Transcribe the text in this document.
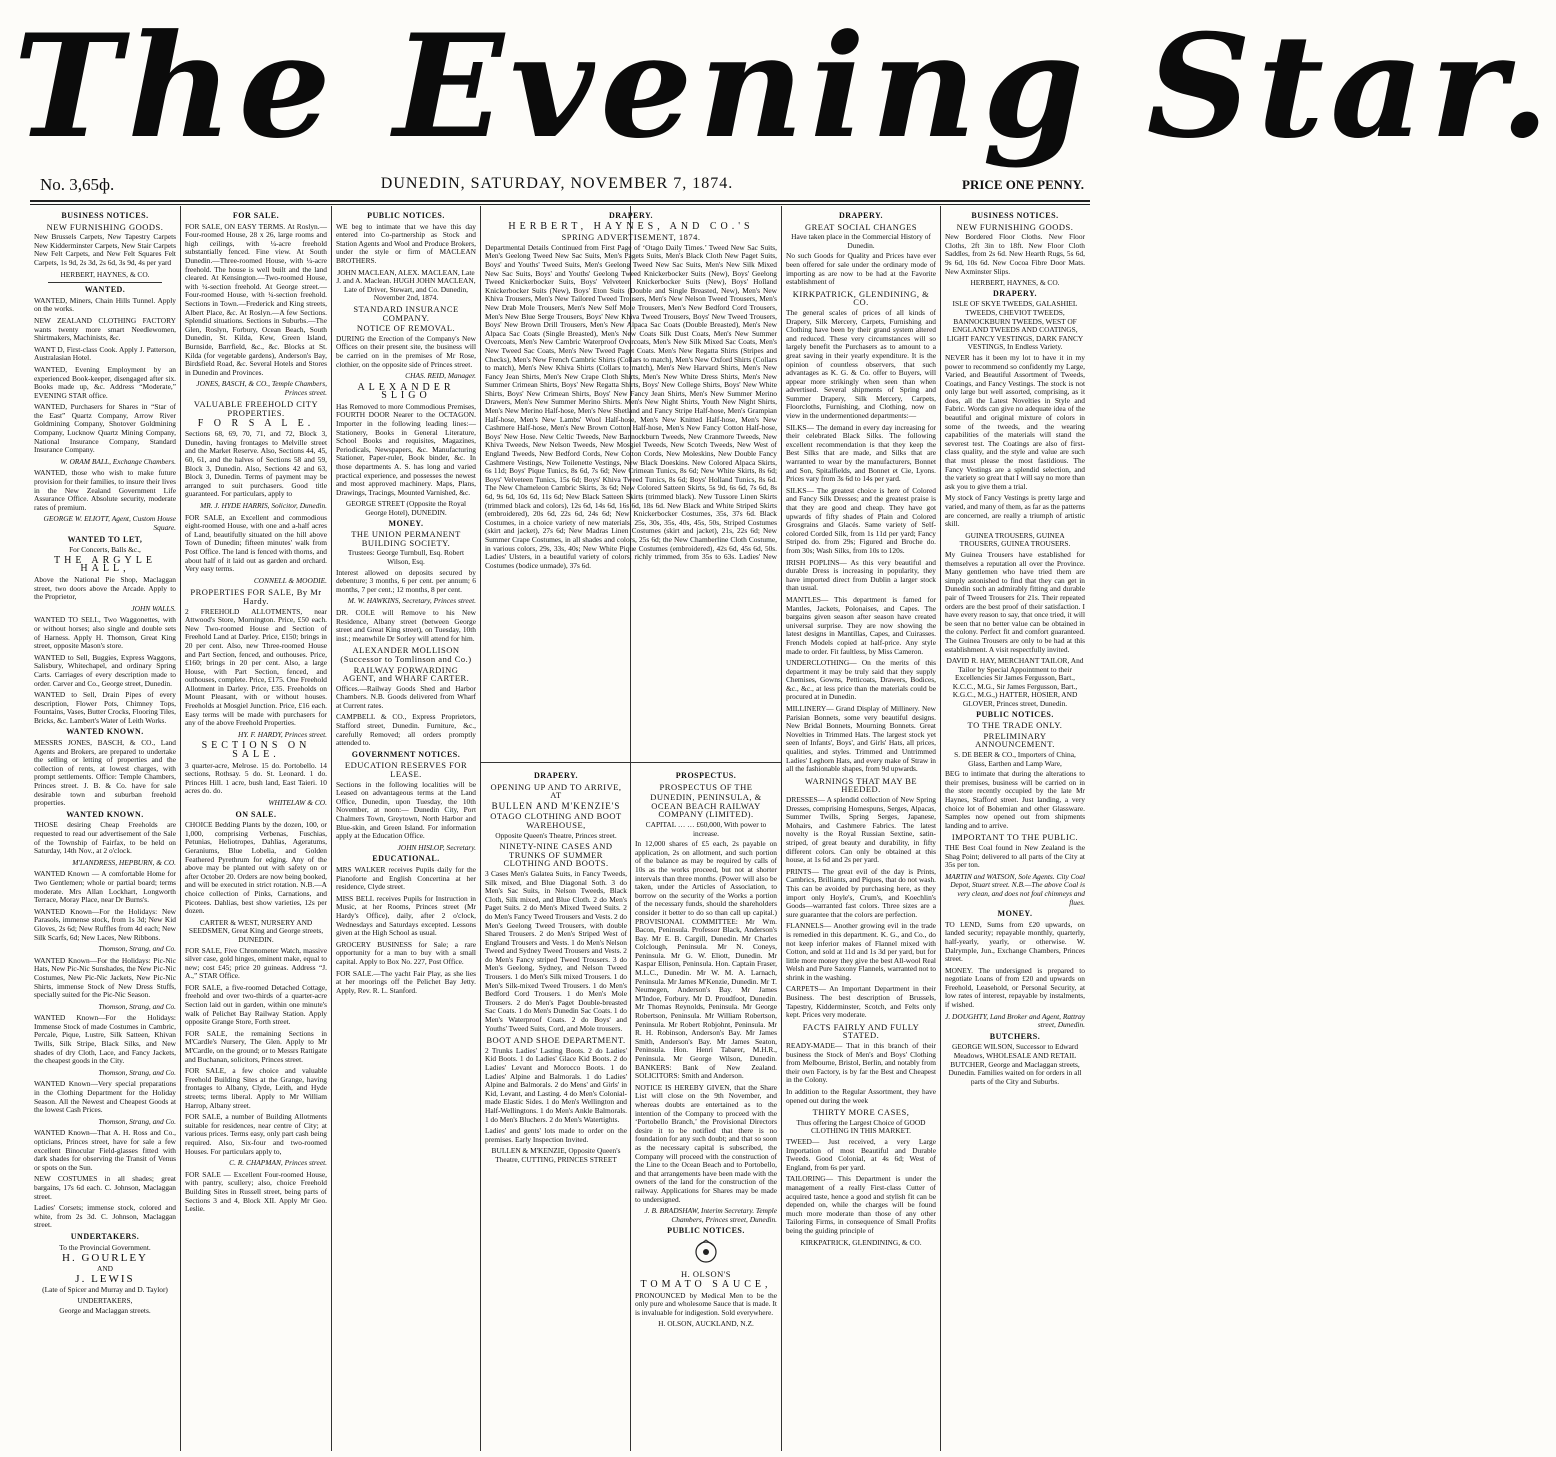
The Evening Star.
No. 3,65ф.	DUNEDIN, SATURDAY, NOVEMBER 7, 1874.	PRICE ONE PENNY.
BUSINESS NOTICES.
NEW FURNISHING GOODS.

New Brussels Carpets, New Tapestry Carpets New Kidderminster Carpets, New Stair Carpets New Felt Carpets, and New Felt Squares Felt Carpets, 1s 9d, 2s 3d, 2s 6d, 3s 9d, 4s per yard

HERBERT, HAYNES, & CO.

WANTED.

WANTED, Miners, Chain Hills Tunnel. Apply on the works.

NEW ZEALAND CLOTHING FACTORY wants twenty more smart Needlewomen, Shirtmakers, Machinists, &c.

WANT D, First-class Cook. Apply J. Patterson, Australasian Hotel.

WANTED, Evening Employment by an experienced Book-keeper, disengaged after six. Books made up, &c. Address “Moderate,” EVENING STAR office.

WANTED, Purchasers for Shares in “Star of the East” Quartz Company, Arrow River Goldmining Company, Shotover Goldmining Company, Lucknow Quartz Mining Company, National Insurance Company, Standard Insurance Company.

W. ORAM BALL, Exchange Chambers.

WANTED, those who wish to make future provision for their families, to insure their lives in the New Zealand Government Life Assurance Office. Absolute security, moderate rates of premium.

GEORGE W. ELIOTT, Agent, Custom House Square.

WANTED TO LET,

For Concerts, Balls &c.,

THE ARGYLE HALL,

Above the National Pie Shop, Maclaggan street, two doors above the Arcade. Apply to the Proprietor,

JOHN WALLS.

WANTED TO SELL, Two Waggonettes, with or without horses; also single and double sets of Harness. Apply H. Thomson, Great King street, opposite Mason's store.

WANTED to Sell, Buggies, Express Waggons, Salisbury, Whitechapel, and ordinary Spring Carts. Carriages of every description made to order. Carver and Co., George street, Dunedin.

WANTED to Sell, Drain Pipes of every description, Flower Pots, Chimney Tops, Fountains, Vases, Butter Crocks, Flooring Tiles, Bricks, &c. Lambert's Water of Leith Works.

WANTED KNOWN.

MESSRS JONES, BASCH, & CO., Land Agents and Brokers, are prepared to undertake the selling or letting of properties and the collection of rents, at lowest charges, with prompt settlements. Office: Temple Chambers, Princes street. J. B. & Co. have for sale desirable town and suburban freehold properties.

WANTED KNOWN.

THOSE desiring Cheap Freeholds are requested to read our advertisement of the Sale of the Township of Fairfax, to be held on Saturday, 14th Nov., at 2 o'clock.

M'LANDRESS, HEPBURN, & CO.

WANTED Known — A comfortable Home for Two Gentlemen; whole or partial board; terms moderate. Mrs Allan Lockhart, Longworth Terrace, Moray Place, near Dr Burns's.

WANTED Known—For the Holidays: New Parasols, immense stock, from 1s 3d; New Kid Gloves, 2s 6d; New Ruffles from 4d each; New Silk Scarfs, 6d; New Laces, New Ribbons.

Thomson, Strang, and Co.

WANTED Known—For the Holidays: Pic-Nic Hats, New Pic-Nic Sunshades, the New Pic-Nic Costumes, New Pic-Nic Jackets, New Pic-Nic Shirts, immense Stock of New Dress Stuffs, specially suited for the Pic-Nic Season.

Thomson, Strang, and Co.

WANTED Known—For the Holidays: Immense Stock of made Costumes in Cambric, Percale, Pique, Lustre, Silk Satteen, Khivan Twills, Silk Stripe, Black Silks, and New shades of dry Cloth, Lace, and Fancy Jackets, the cheapest goods in the City.

Thomson, Strang, and Co.

WANTED Known—Very special preparations in the Clothing Department for the Holiday Season. All the Newest and Cheapest Goods at the lowest Cash Prices.

Thomson, Strang, and Co.

WANTED Known—That A. H. Ross and Co., opticians, Princes street, have for sale a few excellent Binocular Field-glasses fitted with dark shades for observing the Transit of Venus or spots on the Sun.

NEW COSTUMES in all shades; great bargains, 17s 6d each. C. Johnson, Maclaggan street.

Ladies' Corsets; immense stock, colored and white, from 2s 3d. C. Johnson, Maclaggan street.

UNDERTAKERS.

To the Provincial Government.

H. GOURLEY

AND

J. LEWIS

(Late of Spicer and Murray and D. Taylor)

UNDERTAKERS,

George and Maclaggan streets.

FOR SALE.

FOR SALE, ON EASY TERMS. At Roslyn.—Four-roomed House, 28 x 26, large rooms and high ceilings, with ¼-acre freehold substantially fenced. Fine view. At South Dunedin.—Three-roomed House, with ¼-acre freehold. The house is well built and the land cleared. At Kensington.—Two-roomed House, with ¼-section freehold. At George street.—Four-roomed House, with ¼-section freehold. Sections in Town.—Frederick and King streets, Albert Place, &c. At Roslyn.—A few Sections. Splendid situations. Sections in Suburbs.—The Glen, Roslyn, Forbury, Ocean Beach, South Dunedin, St. Kilda, Kew, Green Island, Burnside, Barrfield, &c., &c. Blocks at St. Kilda (for vegetable gardens), Anderson's Bay, Birdsfield Road, &c. Several Hotels and Stores in Dunedin and Provinces.

JONES, BASCH, & CO., Temple Chambers, Princes street.

VALUABLE FREEHOLD CITY PROPERTIES.
F O R S A L E.

Sections 68, 69, 70, 71, and 72, Block 3, Dunedin, having frontages to Melville street and the Market Reserve. Also, Sections 44, 45, 60, 61, and the halves of Sections 58 and 59, Block 3, Dunedin. Also, Sections 42 and 63, Block 3, Dunedin. Terms of payment may be arranged to suit purchasers. Good title guaranteed. For particulars, apply to

MR. J. HYDE HARRIS, Solicitor, Dunedin.

FOR SALE, an Excellent and commodious eight-roomed House, with one and a-half acres of Land, beautifully situated on the hill above Town of Dunedin; fifteen minutes' walk from Post Office. The land is fenced with thorns, and about half of it laid out as garden and orchard. Very easy terms.

CONNELL & MOODIE.

PROPERTIES FOR SALE, By Mr Hardy.

2 FREEHOLD ALLOTMENTS, near Attwood's Store, Mornington. Price, £50 each. New Two-roomed House and Section of Freehold Land at Darley. Price, £150; brings in 20 per cent. Also, new Three-roomed House and Part Section, fenced, and outhouses. Price, £160; brings in 20 per cent. Also, a large House, with Part Section, fenced, and outhouses, complete. Price, £175. One Freehold Allotment in Darley. Price, £35. Freeholds on Mount Pleasant, with or without houses. Freeholds at Mosgiel Junction. Price, £16 each. Easy terms will be made with purchasers for any of the above Freehold Properties.

HY. F. HARDY, Princes street.

SECTIONS ON SALE.

3 quarter-acre, Melrose. 15 do. Portobello. 14 sections, Rothsay. 5 do. St. Leonard. 1 do. Princes Hill. 1 acre, bush land, East Taieri. 10 acres do. do.

WHITELAW & CO.

ON SALE.

CHOICE Bedding Plants by the dozen, 100, or 1,000, comprising Verbenas, Fuschias, Petunias, Heliotropes, Dahlias, Ageratums, Geraniums, Blue Lobelia, and Golden Feathered Pyrethrum for edging. Any of the above may be planted out with safety on or after October 20. Orders are now being booked, and will be executed in strict rotation. N.B.—A choice collection of Pinks, Carnations, and Picotees. Dahlias, best show varieties, 12s per dozen.

CARTER & WEST, NURSERY AND SEEDSMEN, Great King and George streets, DUNEDIN.

FOR SALE, Five Chronometer Watch, massive silver case, gold hinges, eminent make, equal to new; cost £45; price 20 guineas. Address “J. A.,” STAR Office.

FOR SALE, a five-roomed Detached Cottage, freehold and over two-thirds of a quarter-acre Section laid out in garden, within one minute's walk of Pelichet Bay Railway Station. Apply opposite Grange Store, Forth street.

FOR SALE, the remaining Sections in M'Cardle's Nursery, The Glen. Apply to Mr M'Cardle, on the ground; or to Messrs Rattigate and Buchanan, solicitors, Princes street.

FOR SALE, a few choice and valuable Freehold Building Sites at the Grange, having frontages to Albany, Clyde, Leith, and Hyde streets; terms liberal. Apply to Mr William Harrop, Albany street.

FOR SALE, a number of Building Allotments suitable for residences, near centre of City; at various prices. Terms easy, only part cash being required. Also, Six-four and two-roomed Houses. For particulars apply to,

C. R. CHAPMAN, Princes street.

FOR SALE — Excellent Four-roomed House, with pantry, scullery; also, choice Freehold Building Sites in Russell street, being parts of Sections 3 and 4, Block XII. Apply Mr Geo. Leslie.

PUBLIC NOTICES.

WE beg to intimate that we have this day entered into Co-partnership as Stock and Station Agents and Wool and Produce Brokers, under the style or firm of MACLEAN BROTHERS.

JOHN MACLEAN, ALEX. MACLEAN, Late J. and A. Maclean. HUGH JOHN MACLEAN, Late of Driver, Stewart, and Co. Dunedin, November 2nd, 1874.

STANDARD INSURANCE COMPANY.
NOTICE OF REMOVAL.

DURING the Erection of the Company's New Offices on their present site, the business will be carried on in the premises of Mr Rose, clothier, on the opposite side of Princes street.

CHAS. REID, Manager.

ALEXANDER SLIGO

Has Removed to more Commodious Premises, FOURTH DOOR Nearer to the OCTAGON. Importer in the following leading lines:— Stationery, Books in General Literature, School Books and requisites, Magazines, Periodicals, Newspapers, &c. Manufacturing Stationer, Paper-ruler, Book binder, &c. In those departments A. S. has long and varied practical experience, and possesses the newest and most approved machinery. Maps, Plans, Drawings, Tracings, Mounted Varnished, &c.

GEORGE STREET (Opposite the Royal George Hotel), DUNEDIN.

MONEY.
THE UNION PERMANENT BUILDING SOCIETY.

Trustees: George Turnbull, Esq. Robert Wilson, Esq.

Interest allowed on deposits secured by debenture; 3 months, 6 per cent. per annum; 6 months, 7 per cent.; 12 months, 8 per cent.

M. W. HAWKINS, Secretary, Princes street.

DR. COLE will Remove to his New Residence, Albany street (between George street and Great King street), on Tuesday, 10th inst.; meanwhile Dr Sorley will attend for him.

ALEXANDER MOLLISON (Successor to Tomlinson and Co.)
RAILWAY FORWARDING AGENT, and WHARF CARTER.

Offices.—Railway Goods Shed and Harbor Chambers. N.B. Goods delivered from Wharf at Current rates.

CAMPBELL & CO., Express Proprietors, Stafford street, Dunedin. Furniture, &c., carefully Removed; all orders promptly attended to.

GOVERNMENT NOTICES.
EDUCATION RESERVES FOR LEASE.

Sections in the following localities will be Leased on advantageous terms at the Land Office, Dunedin, upon Tuesday, the 10th November, at noon:— Dunedin City, Port Chalmers Town, Greytown, North Harbor and Blue-skin, and Green Island. For information apply at the Education Office.

JOHN HISLOP, Secretary.

EDUCATIONAL.

MRS WALKER receives Pupils daily for the Pianoforte and English Concertina at her residence, Clyde street.

MISS BELL receives Pupils for Instruction in Music, at her Rooms, Princes street (Mr Hardy's Office), daily, after 2 o'clock, Wednesdays and Saturdays excepted. Lessons given at the High School as usual.

GROCERY BUSINESS for Sale; a rare opportunity for a man to buy with a small capital. Apply to Box No. 227, Post Office.

FOR SALE.—The yacht Fair Play, as she lies at her moorings off the Pelichet Bay Jetty. Apply, Rev. R. L. Stanford.

DRAPERY.
HERBERT, HAYNES, AND CO.'S
SPRING ADVERTISEMENT, 1874.

Departmental Details Continued from First Page of ‘Otago Daily Times.’ Tweed New Sac Suits, Men's Geelong Tweed New Sac Suits, Men's Pagets Suits, Men's Black Cloth New Paget Suits, Boys' and Youths' Tweed Suits, Men's Geelong Tweed New Sac Suits, Men's New Silk Mixed New Sac Suits, Boys' and Youths' Geelong Tweed Knickerbocker Suits (New), Boys' Geelong Tweed Knickerbocker Suits, Boys' Velveteen Knickerbocker Suits (New), Boys' Holland Knickerbocker Suits (New), Boys' Eton Suits (Double and Single Breasted, New), Men's New Khiva Trousers, Men's New Tailored Tweed Trousers, Men's New Nelson Tweed Trousers, Men's New Drab Mole Trousers, Men's New Self Mole Trousers, Men's New Bedford Cord Trousers, Men's New Blue Serge Trousers, Boys' New Khiva Tweed Trousers, Boys' New Tweed Trousers, Boys' New Brown Drill Trousers, Men's New Alpaca Sac Coats (Double Breasted), Men's New Alpaca Sac Coats (Single Breasted), Men's New Coats Silk Dust Coats, Men's New Summer Overcoats, Men's New Cambric Waterproof Overcoats, Men's New Silk Mixed Sac Coats, Men's New Tweed Sac Coats, Men's New Tweed Paget Coats. Men's New Regatta Shirts (Stripes and Checks), Men's New French Cambric Shirts (Collars to match), Men's New Oxford Shirts (Collars to match), Men's New Khiva Shirts (Collars to match), Men's New Harvard Shirts, Men's New Fancy Jean Shirts, Men's New Crape Cloth Shirts, Men's New White Dress Shirts, Men's New Summer Crimean Shirts, Boys' New Regatta Shirts, Boys' New College Shirts, Boys' New White Shirts, Boys' New Crimean Shirts, Boys' New Fancy Jean Shirts, Men's New Summer Merino Drawers, Men's New Summer Merino Shirts. Men's New Night Shirts, Youth New Night Shirts, Men's New Merino Half-hose, Men's New Shetland and Fancy Stripe Half-hose, Men's Grampian Half-hose, Men's New Lambs' Wool Half-hose, Men's New Knitted Half-hose, Men's New Cashmere Half-hose, Men's New Brown Cotton Half-hose, Men's New Fancy Cotton Half-hose, Boys' New Hose. New Celtic Tweeds, New Bannockburn Tweeds, New Cranmore Tweeds, New Khiva Tweeds, New Nelson Tweeds, New Mosgiel Tweeds, New Scotch Tweeds, New West of England Tweeds, New Bedford Cords, New Cotton Cords, New Moleskins, New Double Fancy Cashmere Vestings, New Toilenette Vestings, New Black Doeskins. New Colored Alpaca Skirts, 6s 11d; Boys' Pique Tunics, 8s 6d, 7s 6d; New Crimean Tunics, 8s 6d; New White Skirts, 8s 6d; Boys' Velveteen Tunics, 15s 6d; Boys' Khiva Tweed Tunics, 8s 6d; Boys' Holland Tunics, 8s 6d. The New Chameleon Cambric Skirts, 3s 6d; New Colored Satteen Skirts, 5s 9d, 6s 6d, 7s 6d, 8s 6d, 9s 6d, 10s 6d, 11s 6d; New Black Satteen Skirts (trimmed black). New Tussore Linen Skirts (trimmed black and colors), 12s 6d, 14s 6d, 16s 6d, 18s 6d. New Black and White Striped Skirts (embroidered), 20s 6d, 22s 6d, 24s 6d; New Knickerbocker Costumes, 35s, 37s 6d. Black Costumes, in a choice variety of new materials, 25s, 30s, 35s, 40s, 45s, 50s, Striped Costumes (skirt and jacket), 27s 6d; New Madras Linen Costumes (skirt and jacket), 21s, 22s 6d; New Summer Crape Costumes, in all shades and colors, 25s 6d; the New Chamberline Cloth Costume, in various colors, 29s, 33s, 40s; New White Pique Costumes (embroidered), 42s 6d, 45s 6d, 50s. Ladies' Ulsters, in a beautiful variety of colors, richly trimmed, from 35s to 63s. Ladies' New Costumes (bodice unmade), 37s 6d.

DRAPERY.
OPENING UP AND TO ARRIVE, AT
BULLEN AND M'KENZIE'S
OTAGO CLOTHING AND BOOT WAREHOUSE,

Opposite Queen's Theatre, Princes street.

NINETY-NINE CASES AND TRUNKS OF SUMMER CLOTHING AND BOOTS.

3 Cases Men's Galatea Suits, in Fancy Tweeds, Silk mixed, and Blue Diagonal Soth. 3 do Men's Sac Suits, in Nelson Tweeds, Black Cloth, Silk mixed, and Blue Cloth. 2 do Men's Paget Suits. 2 do Men's Mixed Tweed Suits. 2 do Men's Fancy Tweed Trousers and Vests. 2 do Men's Geelong Tweed Trousers, with double Shared Trousers. 2 do Men's Striped West of England Trousers and Vests. 1 do Men's Nelson Tweed and Sydney Tweed Trousers and Vests. 2 do Men's Fancy striped Tweed Trousers. 3 do Men's Geelong, Sydney, and Nelson Tweed Trousers. 1 do Men's Silk mixed Trousers. 1 do Men's Silk-mixed Tweed Trousers. 1 do Men's Bedford Cord Trousers. 1 do Men's Mole Trousers. 2 do Men's Paget Double-breasted Sac Coats. 1 do Men's Dunedin Sac Coats. 1 do Men's Waterproof Coats. 2 do Boys' and Youths' Tweed Suits, Cord, and Mole trousers.

BOOT AND SHOE DEPARTMENT.

2 Trunks Ladies' Lasting Boots. 2 do Ladies' Kid Boots. 1 do Ladies' Glace Kid Boots. 2 do Ladies' Levant and Morocco Boots. 1 do Ladies' Alpine and Balmorals. 1 do Ladies' Alpine and Balmorals. 2 do Mens' and Girls' in Kid, Levant, and Lasting. 4 do Men's Colonial-made Elastic Sides. 1 do Men's Wellington and Half-Wellingtons. 1 do Men's Ankle Balmorals. 1 do Men's Bluchers. 2 do Men's Watertights.

Ladies' and gents' lots made to order on the premises. Early Inspection Invited.

BULLEN & M'KENZIE, Opposite Queen's Theatre, CUTTING, PRINCES STREET

PROSPECTUS.
PROSPECTUS OF THE
DUNEDIN, PENINSULA, & OCEAN BEACH RAILWAY COMPANY (LIMITED).

CAPITAL … … £60,000, With power to increase.

In 12,000 shares of £5 each, 2s payable on application, 2s on allotment, and such portion of the balance as may be required by calls of 10s as the works proceed, but not at shorter intervals than three months. (Power will also be taken, under the Articles of Association, to borrow on the security of the Works a portion of the necessary funds, should the shareholders consider it better to do so than call up capital.) PROVISIONAL COMMITTEE: Mr Wm. Bacon, Peninsula. Professor Black, Anderson's Bay. Mr E. B. Cargill, Dunedin. Mr Charles Colclough, Peninsula. Mr N. Coneys, Peninsula. Mr G. W. Eliott, Dunedin. Mr Kaspar Ellison, Peninsula. Hon. Captain Fraser, M.L.C., Dunedin. Mr W. M. A. Larnach, Peninsula. Mr James M'Kenzie, Dunedin. Mr T. Neumegen, Anderson's Bay. Mr James M'Indoe, Forbury. Mr D. Proudfoot, Dunedin. Mr Thomas Reynolds, Peninsula. Mr George Robertson, Peninsula. Mr William Robertson, Peninsula. Mr Robert Robjohnt, Peninsula. Mr R. H. Robinson, Anderson's Bay. Mr James Smith, Anderson's Bay. Mr James Seaton, Peninsula. Hon. Henri Tabarer, M.H.R., Peninsula. Mr George Wilson, Dunedin. BANKERS: Bank of New Zealand. SOLICITORS: Smith and Anderson.

NOTICE IS HEREBY GIVEN, that the Share List will close on the 9th November, and whereas doubts are entertained as to the intention of the Company to proceed with the ‘Portobello Branch,’ the Provisional Directors desire it to be notified that there is no foundation for any such doubt; and that so soon as the necessary capital is subscribed, the Company will proceed with the construction of the Line to the Ocean Beach and to Portobello, and that arrangements have been made with the owners of the land for the construction of the railway. Applications for Shares may be made to undersigned.

J. B. BRADSHAW, Interim Secretary. Temple Chambers, Princes street, Dunedin.

PUBLIC NOTICES.
H. OLSON'S
TOMATO SAUCE,

PRONOUNCED by Medical Men to be the only pure and wholesome Sauce that is made. It is invaluable for indigestion. Sold everywhere.

H. OLSON, AUCKLAND, N.Z.

DRAPERY.
GREAT SOCIAL CHANGES

Have taken place in the Commercial History of Dunedin.

No such Goods for Quality and Prices have ever been offered for sale under the ordinary mode of importing as are now to be had at the Favorite establishment of

KIRKPATRICK, GLENDINING, & CO.

The general scales of prices of all kinds of Drapery, Silk Mercery, Carpets, Furnishing and Clothing have been by their grand system altered and reduced. These very circumstances will so largely benefit the Purchasers as to amount to a great saving in their yearly expenditure. It is the opinion of countless observers, that such advantages as K. G. & Co. offer to Buyers, will appear more strikingly when seen than when advertised. Several shipments of Spring and Summer Drapery, Silk Mercery, Carpets, Floorcloths, Furnishing, and Clothing, now on view in the undermentioned departments:—

SILKS— The demand in every day increasing for their celebrated Black Silks. The following excellent recommendation is that they keep the Best Silks that are made, and Silks that are warranted to wear by the manufacturers, Bonnet and Son, Spitalfields, and Bonnet et Cie, Lyons. Prices vary from 3s 6d to 14s per yard.

SILKS— The greatest choice is here of Colored and Fancy Silk Dresses; and the greatest praise is that they are good and cheap. They have got upwards of fifty shades of Plain and Colored Grosgrains and Glacés. Same variety of Self-colored Corded Silk, from 1s 11d per yard; Fancy Striped do. from 29s; Figured and Broche do. from 30s; Wash Silks, from 10s to 120s.

IRISH POPLINS— As this very beautiful and durable Dress is increasing in popularity, they have imported direct from Dublin a larger stock than usual.

MANTLES— This department is famed for Mantles, Jackets, Polonaises, and Capes. The bargains given season after season have created universal surprise. They are now showing the latest designs in Mantillas, Capes, and Cuirasses. French Models copied at half-price. Any style made to order. Fit faultless, by Miss Cameron.

UNDERCLOTHING— On the merits of this department it may be truly said that they supply Chemises, Gowns, Petticoats, Drawers, Bodices, &c., &c., at less price than the materials could be procured at in Dunedin.

MILLINERY— Grand Display of Millinery. New Parisian Bonnets, some very beautiful designs. New Bridal Bonnets, Mourning Bonnets. Great Novelties in Trimmed Hats. The largest stock yet seen of Infants', Boys', and Girls' Hats, all prices, qualities, and styles. Trimmed and Untrimmed Ladies' Leghorn Hats, and every make of Straw in all the fashionable shapes, from 9d upwards.

WARNINGS THAT MAY BE HEEDED.

DRESSES— A splendid collection of New Spring Dresses, comprising Homespuns, Serges, Alpacas, Summer Twills, Spring Serges, Japanese, Mohairs, and Cashmere Fabrics. The latest novelty is the Royal Russian Sextine, satin-striped, of great beauty and durability, in fifty different colors. Can only be obtained at this house, at 1s 6d and 2s per yard.

PRINTS— The great evil of the day is Prints, Cambrics, Brilliants, and Piques, that do not wash. This can be avoided by purchasing here, as they import only Hoyle's, Crum's, and Koechlin's Goods—warranted fast colors. Three sizes are a sure guarantee that the colors are perfection.

FLANNELS— Another growing evil in the trade is remedied in this department. K. G., and Co., do not keep inferior makes of Flannel mixed with Cotton, and sold at 11d and 1s 3d per yard, but for little more money they give the best All-wool Real Welsh and Pure Saxony Flannels, warranted not to shrink in the washing.

CARPETS— An Important Department in their Business. The best description of Brussels, Tapestry, Kidderminster, Scotch, and Felts only kept. Prices very moderate.

FACTS FAIRLY AND FULLY STATED.

READY-MADE— That in this branch of their business the Stock of Men's and Boys' Clothing from Melbourne, Bristol, Berlin, and notably from their own Factory, is by far the Best and Cheapest in the Colony.

In addition to the Regular Assortment, they have opened out during the week

THIRTY MORE CASES,

Thus offering the Largest Choice of GOOD CLOTHING IN THIS MARKET.

TWEED— Just received, a very Large Importation of most Beautiful and Durable Tweeds. Good Colonial, at 4s 6d; West of England, from 6s per yard.

TAILORING— This Department is under the management of a really First-class Cutter of acquired taste, hence a good and stylish fit can be depended on, while the charges will be found much more moderate than those of any other Tailoring Firms, in consequence of Small Profits being the guiding principle of

KIRKPATRICK, GLENDINING, & CO.

BUSINESS NOTICES.
NEW FURNISHING GOODS.

New Bordered Floor Cloths. New Floor Cloths, 2ft 3in to 18ft. New Floor Cloth Saddles, from 2s 6d. New Hearth Rugs, 5s 6d, 9s 6d, 10s 6d. New Cocoa Fibre Door Mats. New Axminster Slips.

HERBERT, HAYNES, & CO.

DRAPERY.

ISLE OF SKYE TWEEDS, GALASHIEL TWEEDS, CHEVIOT TWEEDS, BANNOCKBURN TWEEDS, WEST OF ENGLAND TWEEDS AND COATINGS, LIGHT FANCY VESTINGS, DARK FANCY VESTINGS, In Endless Variety.

NEVER has it been my lot to have it in my power to recommend so confidently my Large, Varied, and Beautiful Assortment of Tweeds, Coatings, and Fancy Vestings. The stock is not only large but well assorted, comprising, as it does, all the Latest Novelties in Style and Fabric. Words can give no adequate idea of the beautiful and original mixture of colors in some of the tweeds, and the wearing capabilities of the materials will stand the severest test. The Coatings are also of first-class quality, and the style and value are such that must please the most fastidious. The Fancy Vestings are a splendid selection, and the variety so great that I will say no more than ask you to give them a trial.

My stock of Fancy Vestings is pretty large and varied, and many of them, as far as the patterns are concerned, are really a triumph of artistic skill.

GUINEA TROUSERS, GUINEA TROUSERS, GUINEA TROUSERS.

My Guinea Trousers have established for themselves a reputation all over the Province. Many gentlemen who have tried them are simply astonished to find that they can get in Dunedin such an admirably fitting and durable pair of Tweed Trousers for 21s. Their repeated orders are the best proof of their satisfaction. I have every reason to say, that once tried, it will be seen that no better value can be obtained in the colony. Perfect fit and comfort guaranteed. The Guinea Trousers are only to be had at this establishment. A visit respectfully invited.

DAVID R. HAY, MERCHANT TAILOR, And Tailor by Special Appointment to their Excellencies Sir James Fergusson, Bart., K.C.C., M.G., Sir James Fergusson, Bart., K.G.C., M.G.,) HATTER, HOSIER, AND GLOVER, Princes street, Dunedin.

PUBLIC NOTICES.
TO THE TRADE ONLY.
PRELIMINARY ANNOUNCEMENT.

S. DE BEER & CO., Importers of China, Glass, Earthen and Lamp Ware,

BEG to intimate that during the alterations to their premises, business will be carried on in the store recently occupied by the late Mr Haynes, Stafford street. Just landing, a very choice lot of Bohemian and other Glassware. Samples now opened out from shipments landing and to arrive.

IMPORTANT TO THE PUBLIC.

THE Best Coal found in New Zealand is the Shag Point; delivered to all parts of the City at 35s per ton.

MARTIN and WATSON, Sole Agents. City Coal Depot, Stuart street. N.B.—The above Coal is very clean, and does not foul chimneys and flues.

MONEY.

TO LEND, Sums from £20 upwards, on landed security; repayable monthly, quarterly, half-yearly, yearly, or otherwise. W. Dalrymple, Jun., Exchange Chambers, Princes street.

MONEY. The undersigned is prepared to negotiate Loans of from £20 and upwards on Freehold, Leasehold, or Personal Security, at low rates of interest, repayable by instalments, if wished.

J. DOUGHTY, Land Broker and Agent, Rattray street, Dunedin.

BUTCHERS.

GEORGE WILSON, Successor to Edward Meadows, WHOLESALE AND RETAIL BUTCHER, George and Maclaggan streets, Dunedin. Families waited on for orders in all parts of the City and Suburbs.
